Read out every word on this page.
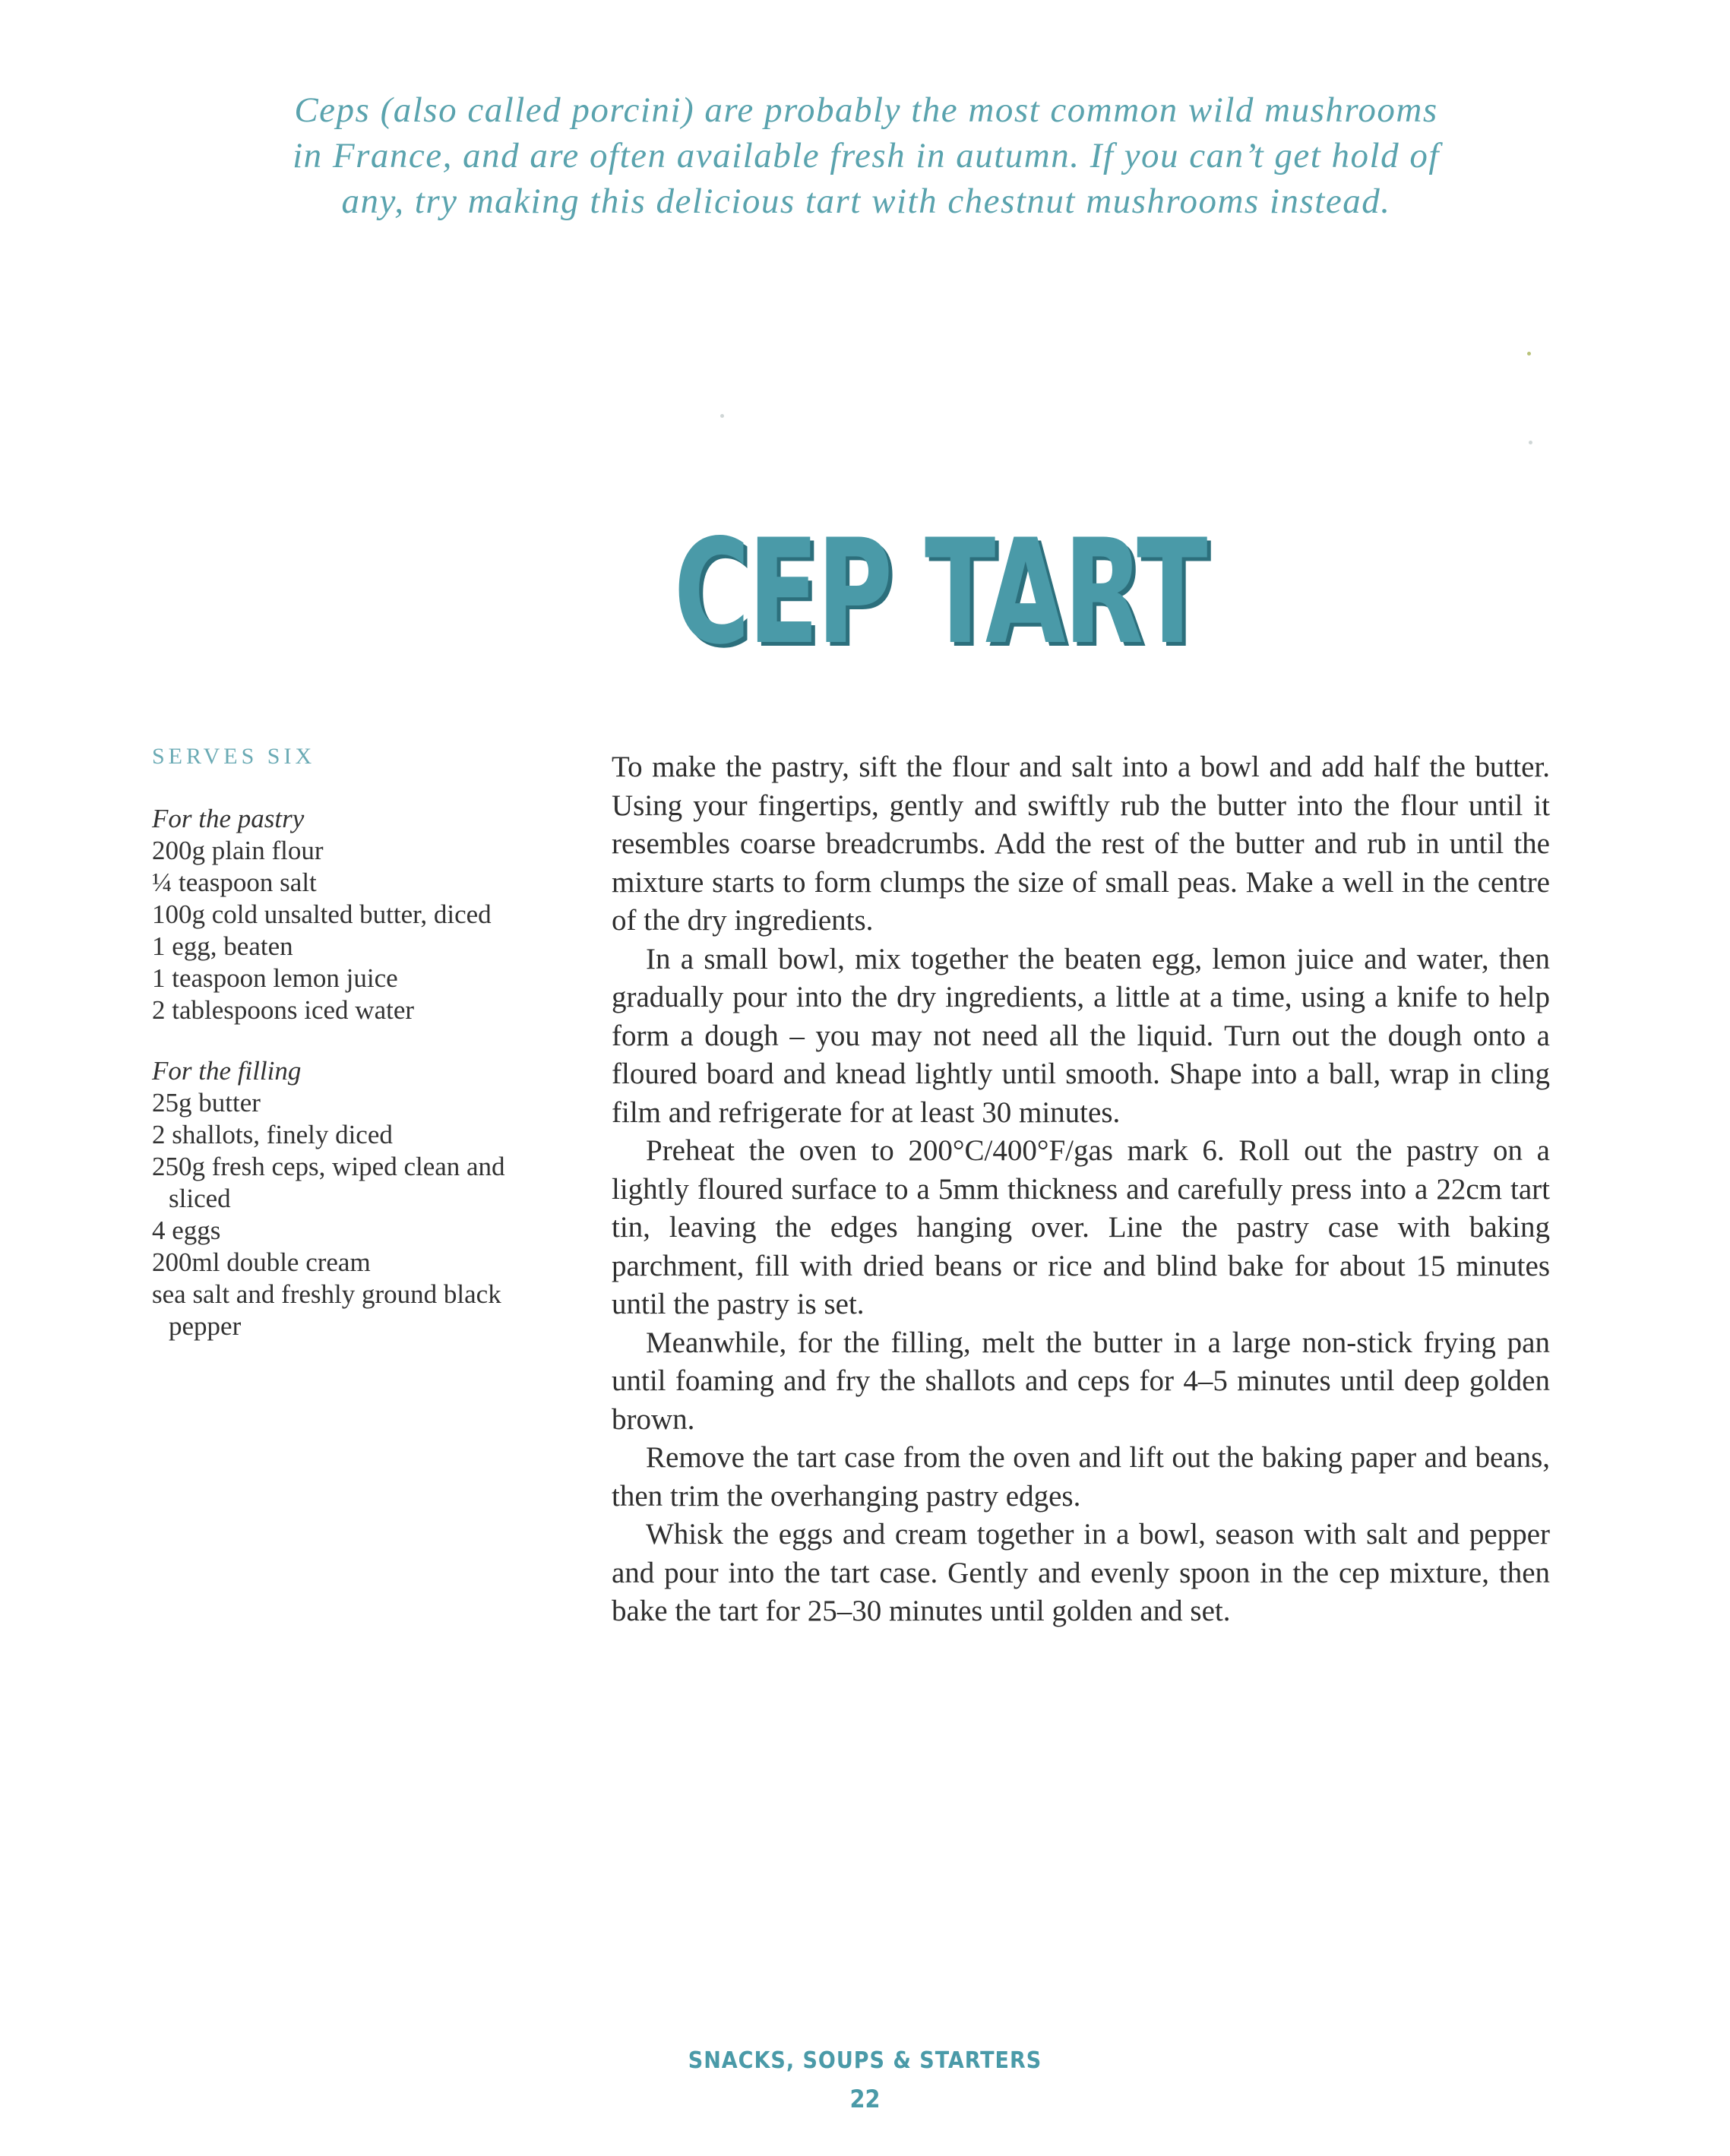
Ceps (also called porcini) are probably the most common wild mushrooms
in France, and are often available fresh in autumn. If you can’t get hold of
any, try making this delicious tart with chestnut mushrooms instead.
CEP TART
SERVES SIX
For the pastry
200g plain flour
¼ teaspoon salt
100g cold unsalted butter, diced
1 egg, beaten
1 teaspoon lemon juice
2 tablespoons iced water
For the filling
25g butter
2 shallots, finely diced
250g fresh ceps, wiped clean and sliced
4 eggs
200ml double cream
sea salt and freshly ground black pepper

To make the pastry, sift the flour and salt into a bowl and add half the butter. Using your fingertips, gently and swiftly rub the butter into the flour until it resembles coarse breadcrumbs. Add the rest of the butter and rub in until the mixture starts to form clumps the size of small peas. Make a well in the centre of the dry ingredients.

In a small bowl, mix together the beaten egg, lemon juice and water, then gradually pour into the dry ingredients, a little at a time, using a knife to help form a dough – you may not need all the liquid. Turn out the dough onto a floured board and knead lightly until smooth. Shape into a ball, wrap in cling film and refrigerate for at least 30 minutes.

Preheat the oven to 200°C/400°F/gas mark 6. Roll out the pastry on a lightly floured surface to a 5mm thickness and carefully press into a 22cm tart tin, leaving the edges hanging over. Line the pastry case with baking parchment, fill with dried beans or rice and blind bake for about 15 minutes until the pastry is set.

Meanwhile, for the filling, melt the butter in a large non-stick frying pan until foaming and fry the shallots and ceps for 4–5 minutes until deep golden brown.

Remove the tart case from the oven and lift out the baking paper and beans, then trim the overhanging pastry edges.

Whisk the eggs and cream together in a bowl, season with salt and pepper and pour into the tart case. Gently and evenly spoon in the cep mixture, then bake the tart for 25–30 minutes until golden and set.

SNACKS, SOUPS & STARTERS
22
